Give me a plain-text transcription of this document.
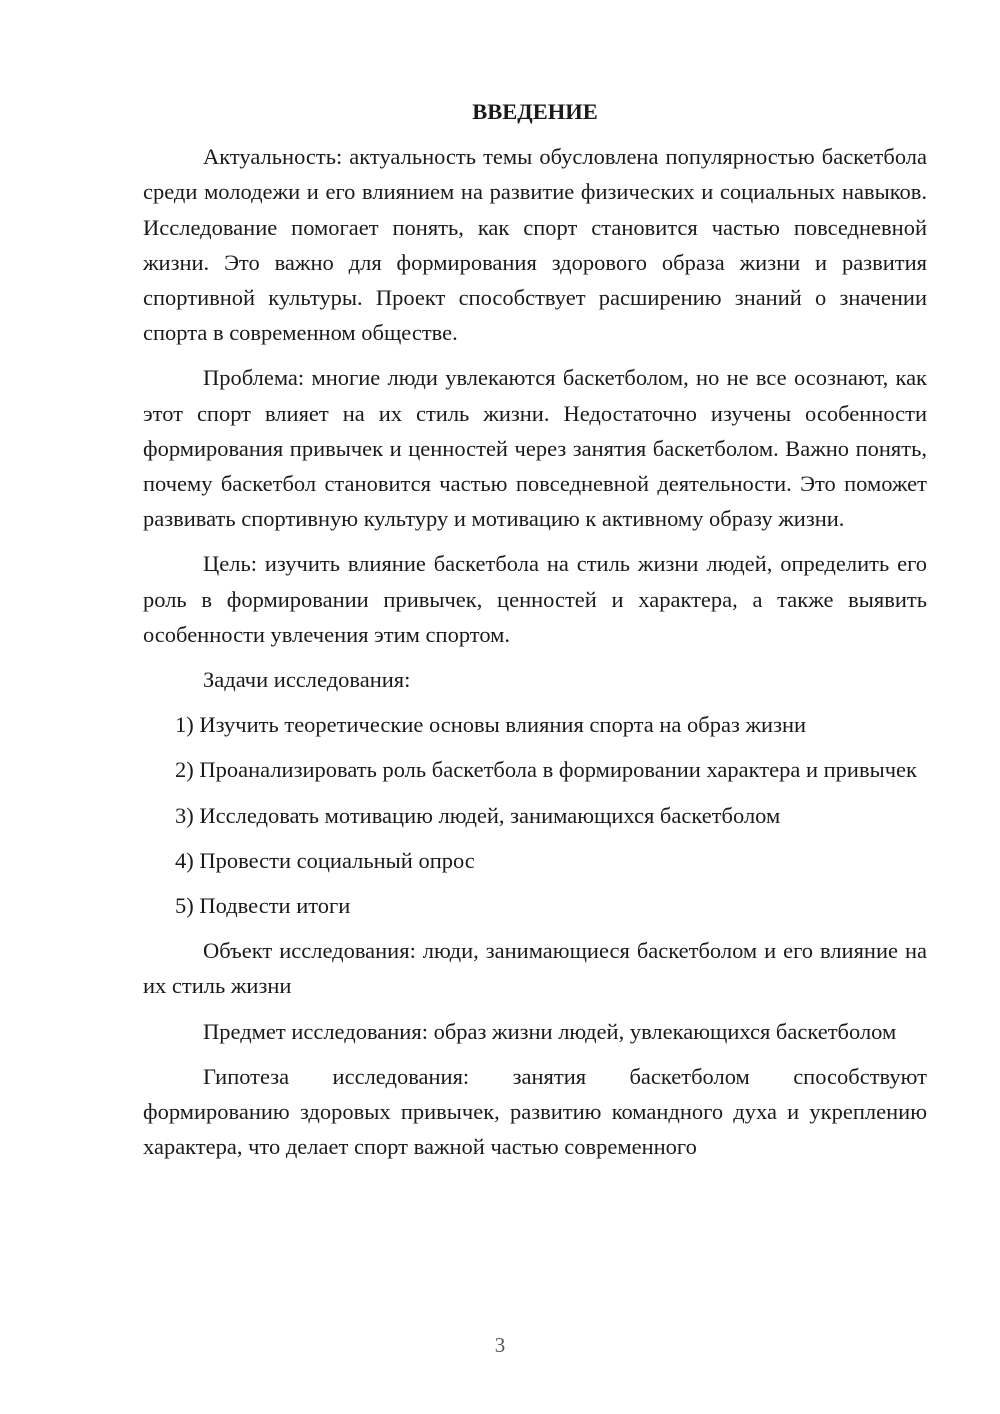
ВВЕДЕНИЕ

Актуальность: актуальность темы обусловлена популярностью баскетбола среди молодежи и его влиянием на развитие физических и социальных навыков. Исследование помогает понять, как спорт становится частью повседневной жизни. Это важно для формирования здорового образа жизни и развития спортивной культуры. Проект способствует расширению знаний о значении спорта в современном обществе.

Проблема: многие люди увлекаются баскетболом, но не все осознают, как этот спорт влияет на их стиль жизни. Недостаточно изучены особенности формирования привычек и ценностей через занятия баскетболом. Важно понять, почему баскетбол становится частью повседневной деятельности. Это поможет развивать спортивную культуру и мотивацию к активному образу жизни.

Цель: изучить влияние баскетбола на стиль жизни людей, определить его роль в формировании привычек, ценностей и характера, а также выявить особенности увлечения этим спортом.

Задачи исследования:

1) Изучить теоретические основы влияния спорта на образ жизни

2) Проанализировать роль баскетбола в формировании характера и привычек

3) Исследовать мотивацию людей, занимающихся баскетболом

4) Провести социальный опрос

5) Подвести итоги

Объект исследования: люди, занимающиеся баскетболом и его влияние на их стиль жизни

Предмет исследования: образ жизни людей, увлекающихся баскетболом

Гипотеза исследования: занятия баскетболом способствуют формированию здоровых привычек, развитию командного духа и укреплению характера, что делает спорт важной частью современного

3
